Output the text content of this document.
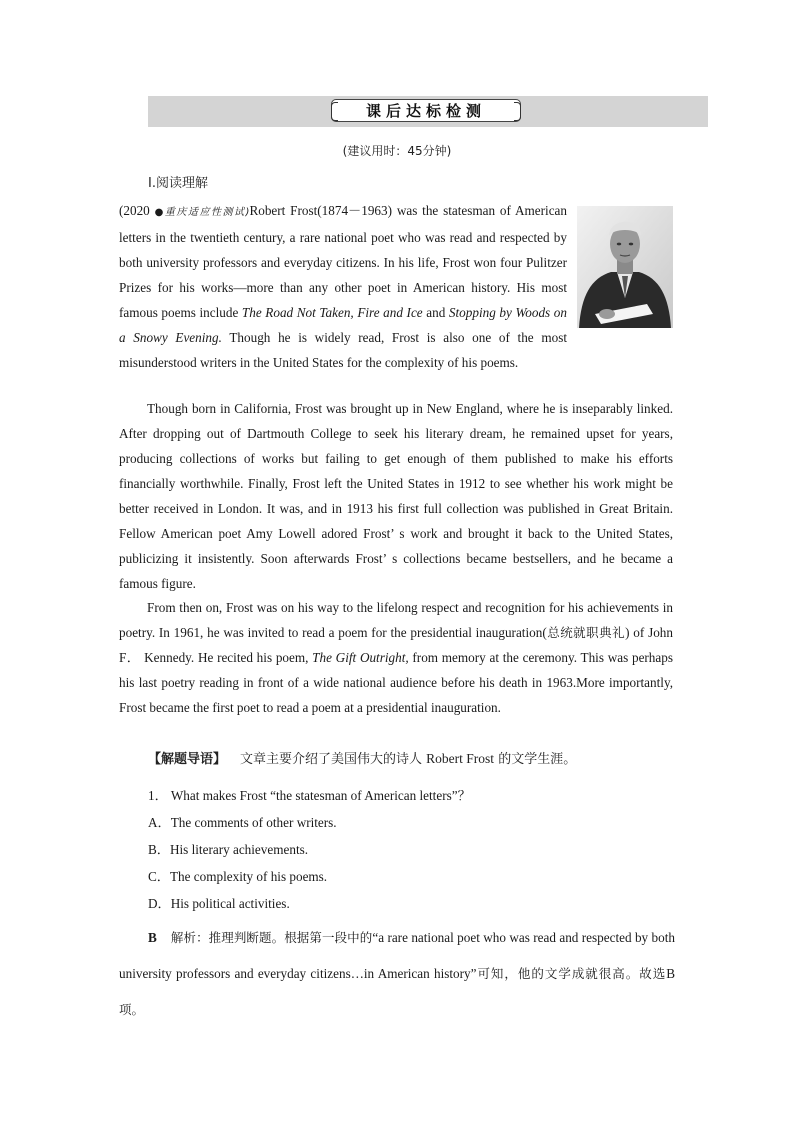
课后达标检测
(建议用时：45分钟)
Ⅰ.阅读理解
(2020 ●重庆适应性测试)Robert Frost(1874－1963) was the statesman of American letters in the twentieth century, a rare national poet who was read and respected by both university professors and everyday citizens. In his life, Frost won four Pulitzer Prizes for his works—more than any other poet in American history. His most famous poems include The Road Not Taken, Fire and Ice and Stopping by Woods on a Snowy Evening. Though he is widely read, Frost is also one of the most misunderstood writers in the United States for the complexity of his poems.

Though born in California, Frost was brought up in New England, where he is inseparably linked. After dropping out of Dartmouth College to seek his literary dream, he remained upset for years, producing collections of works but failing to get enough of them published to make his efforts financially worthwhile. Finally, Frost left the United States in 1912 to see whether his work might be better received in London. It was, and in 1913 his first full collection was published in Great Britain. Fellow American poet Amy Lowell adored Frost’ s work and brought it back to the United States, publicizing it insistently. Soon afterwards Frost’ s collections became bestsellers, and he became a famous figure.

From then on, Frost was on his way to the lifelong respect and recognition for his achievements in poetry. In 1961, he was invited to read a poem for the presidential inauguration(总统就职典礼) of John F． Kennedy. He recited his poem, The Gift Outright, from memory at the ceremony. This was perhaps his last poetry reading in front of a wide national audience before his death in 1963.More importantly, Frost became the first poet to read a poem at a presidential inauguration.

【解题导语】 文章主要介绍了美国伟大的诗人 Robert Frost 的文学生涯。
1． What makes Frost “the statesman of American letters”？
A．The comments of other writers.
B．His literary achievements.
C．The complexity of his poems.
D．His political activities.
B 解析：推理判断题。根据第一段中的“a rare national poet who was read and respected by both university professors and everyday citizens…in American history”可知，他的文学成就很高。故选B项。
